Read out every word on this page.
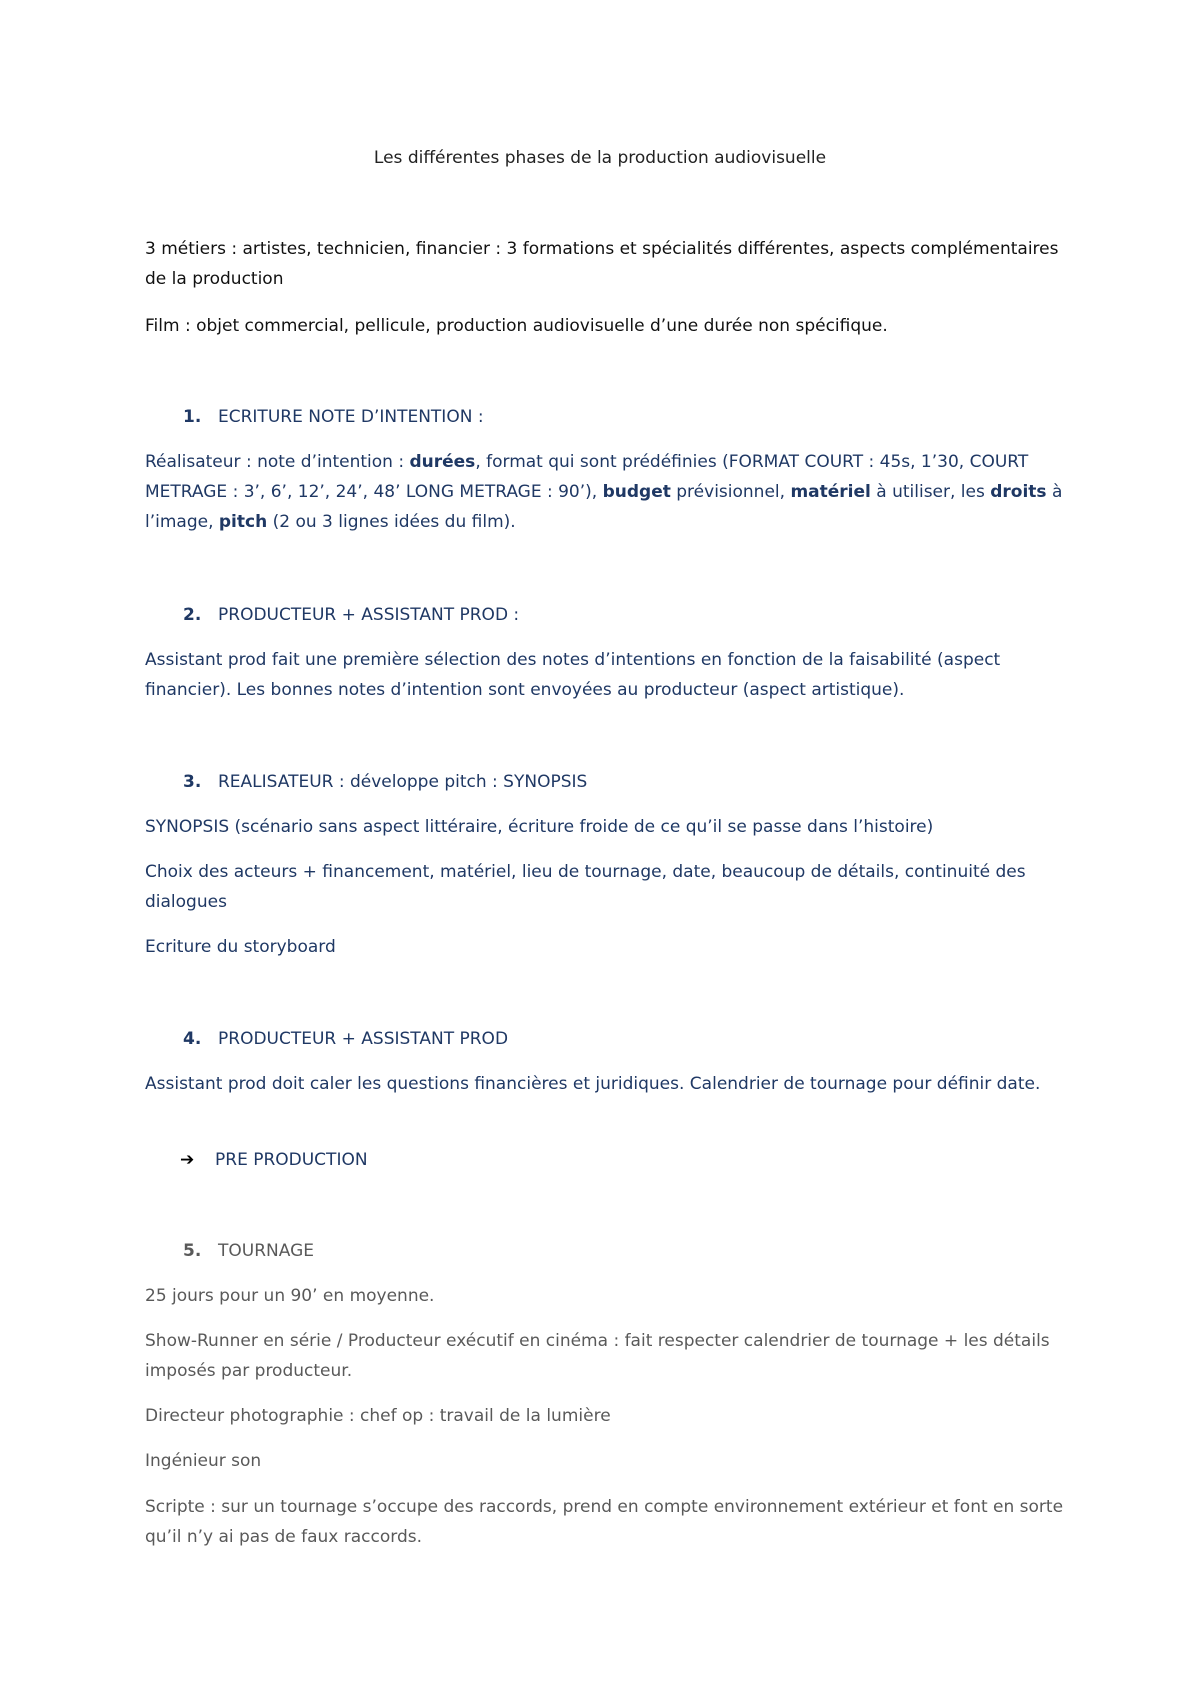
Les différentes phases de la production audiovisuelle
3 métiers : artistes, technicien, financier : 3 formations et spécialités différentes, aspects complémentaires de la production
Film : objet commercial, pellicule, production audiovisuelle d’une durée non spécifique.
1. ECRITURE NOTE D’INTENTION :
Réalisateur : note d’intention : durées, format qui sont prédéfinies (FORMAT COURT : 45s, 1’30, COURT METRAGE : 3’, 6’, 12’, 24’, 48’ LONG METRAGE : 90’), budget prévisionnel, matériel à utiliser, les droits à l’image, pitch (2 ou 3 lignes idées du film).
2. PRODUCTEUR + ASSISTANT PROD :
Assistant prod fait une première sélection des notes d’intentions en fonction de la faisabilité (aspect financier). Les bonnes notes d’intention sont envoyées au producteur (aspect artistique).
3. REALISATEUR : développe pitch : SYNOPSIS
SYNOPSIS (scénario sans aspect littéraire, écriture froide de ce qu’il se passe dans l’histoire)
Choix des acteurs + financement, matériel, lieu de tournage, date, beaucoup de détails, continuité des dialogues
Ecriture du storyboard
4. PRODUCTEUR + ASSISTANT PROD
Assistant prod doit caler les questions financières et juridiques. Calendrier de tournage pour définir date.
➔ PRE PRODUCTION
5. TOURNAGE
25 jours pour un 90’ en moyenne.
Show-Runner en série / Producteur exécutif en cinéma : fait respecter calendrier de tournage + les détails imposés par producteur.
Directeur photographie : chef op : travail de la lumière
Ingénieur son
Scripte : sur un tournage s’occupe des raccords, prend en compte environnement extérieur et font en sorte qu’il n’y ai pas de faux raccords.
